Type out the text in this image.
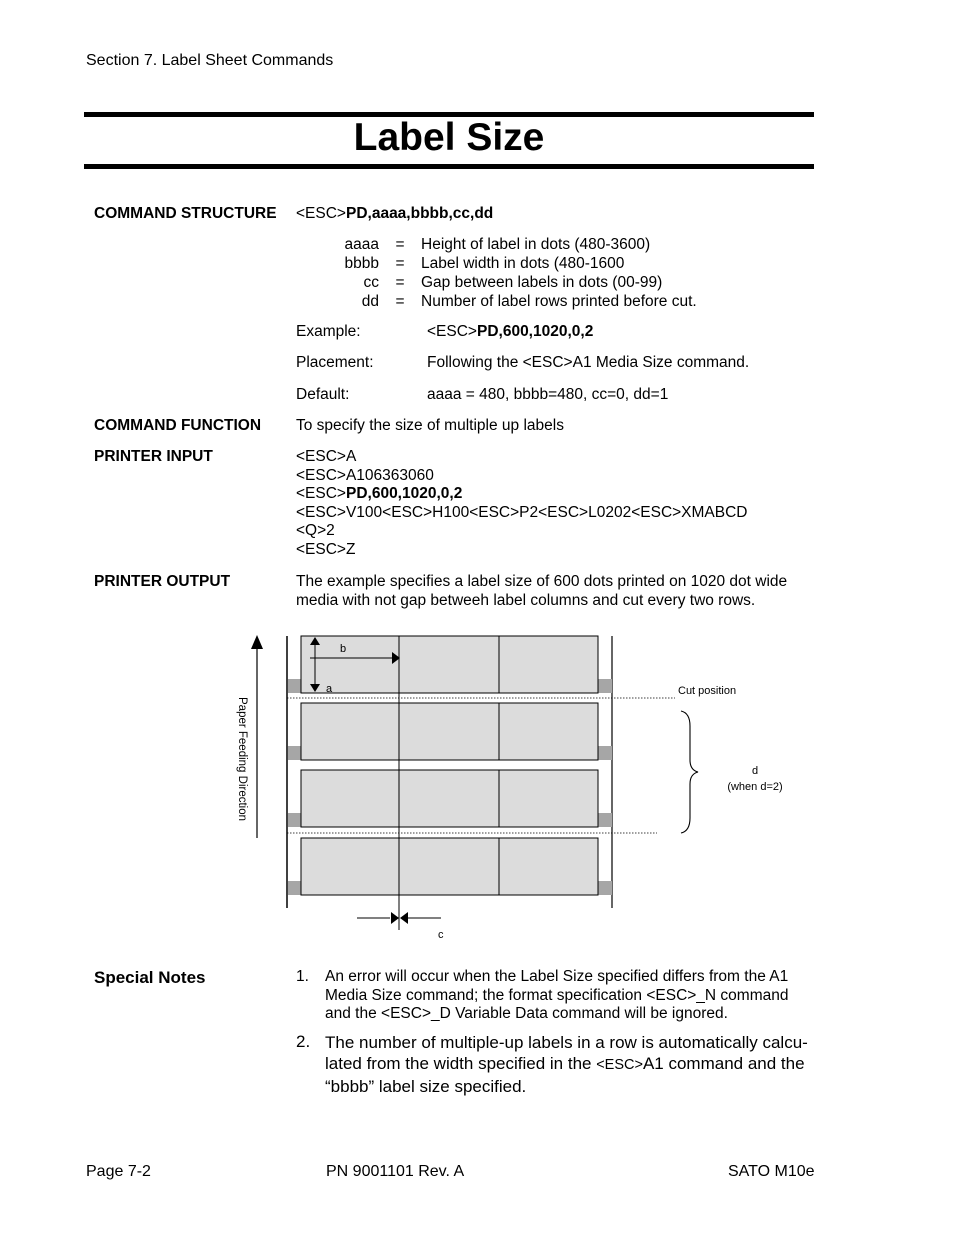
Section 7. Label Sheet Commands
Label Size
COMMAND STRUCTURE <ESC>PD,aaaa,bbbb,cc,dd
aaaa = Height of label in dots (480-3600)
bbbb = Label width in dots (480-1600
cc = Gap between labels in dots (00-99)
dd = Number of label rows printed before cut.
Example:	<ESC>PD,600,1020,0,2
Placement:	Following the <ESC>A1 Media Size command.
Default:	aaaa = 480, bbbb=480, cc=0, dd=1
COMMAND FUNCTION To specify the size of multiple up labels
PRINTER INPUT	<ESC>A
<ESC>A106363060
<ESC>PD,600,1020,0,2
<ESC>V100<ESC>H100<ESC>P2<ESC>L0202<ESC>XMABCD
<Q>2
<ESC>Z
PRINTER OUTPUT	The example specifies a label size of 600 dots printed on 1020 dot wide
media with not gap betweeh label columns and cut every two rows.
Paper Feeding Direction
a
b
Cut position
d
(when d=2)
c
Special Notes	1. An error will occur when the Label Size specified differs from the A1
Media Size command; the format specification <ESC>_N command
and the <ESC>_D Variable Data command will be ignored.
2. The number of multiple-up labels in a row is automatically calcu-
lated from the width specified in the <ESC>A1 command and the
“bbbb” label size specified.
Page 7-2	PN 9001101 Rev. A	SATO M10e
